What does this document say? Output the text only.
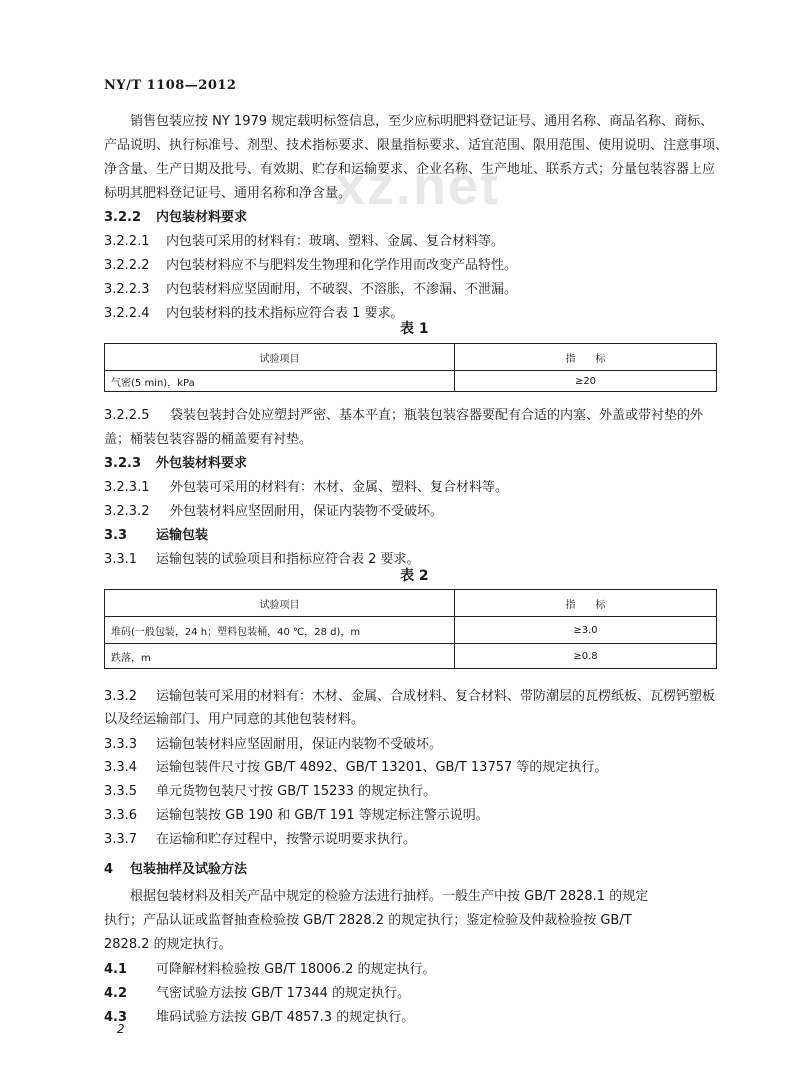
NY/T 1108—2012
xz.net
销售包装应按 NY 1979 规定载明标签信息，至少应标明肥料登记证号、通用名称、商品名称、商标、
产品说明、执行标准号、剂型、技术指标要求、限量指标要求、适宜范围、限用范围、使用说明、注意事项、
净含量、生产日期及批号、有效期、贮存和运输要求、企业名称、生产地址、联系方式；分量包装容器上应
标明其肥料登记证号、通用名称和净含量。
3.2.2 内包装材料要求
3.2.2.1 内包装可采用的材料有：玻璃、塑料、金属、复合材料等。
3.2.2.2 内包装材料应不与肥料发生物理和化学作用而改变产品特性。
3.2.2.3 内包装材料应坚固耐用，不破裂、不溶胀，不渗漏、不泄漏。
3.2.2.4 内包装材料的技术指标应符合表 1 要求。
表 1
试验项目	指　　标
气密(5 min)，kPa	≥20
3.2.2.5 袋装包装封合处应塑封严密、基本平直；瓶装包装容器要配有合适的内塞、外盖或带衬垫的外
盖；桶装包装容器的桶盖要有衬垫。
3.2.3 外包装材料要求
3.2.3.1 外包装可采用的材料有：木材、金属、塑料、复合材料等。
3.2.3.2 外包装材料应坚固耐用，保证内装物不受破坏。
3.3 运输包装
3.3.1 运输包装的试验项目和指标应符合表 2 要求。
表 2
试验项目	指　　标
堆码(一般包装，24 h；塑料包装桶，40 ℃，28 d)，m	≥3.0
跌落，m	≥0.8
3.3.2 运输包装可采用的材料有：木材、金属、合成材料、复合材料、带防潮层的瓦楞纸板、瓦楞钙塑板
以及经运输部门、用户同意的其他包装材料。
3.3.3 运输包装材料应坚固耐用，保证内装物不受破坏。
3.3.4 运输包装件尺寸按 GB/T 4892、GB/T 13201、GB/T 13757 等的规定执行。
3.3.5 单元货物包装尺寸按 GB/T 15233 的规定执行。
3.3.6 运输包装按 GB 190 和 GB/T 191 等规定标注警示说明。
3.3.7 在运输和贮存过程中，按警示说明要求执行。
4 包装抽样及试验方法
根据包装材料及相关产品中规定的检验方法进行抽样。一般生产中按 GB/T 2828.1 的规定
执行；产品认证或监督抽查检验按 GB/T 2828.2 的规定执行；鉴定检验及仲裁检验按 GB/T
2828.2 的规定执行。
4.1 可降解材料检验按 GB/T 18006.2 的规定执行。
4.2 气密试验方法按 GB/T 17344 的规定执行。
4.3 堆码试验方法按 GB/T 4857.3 的规定执行。
2
